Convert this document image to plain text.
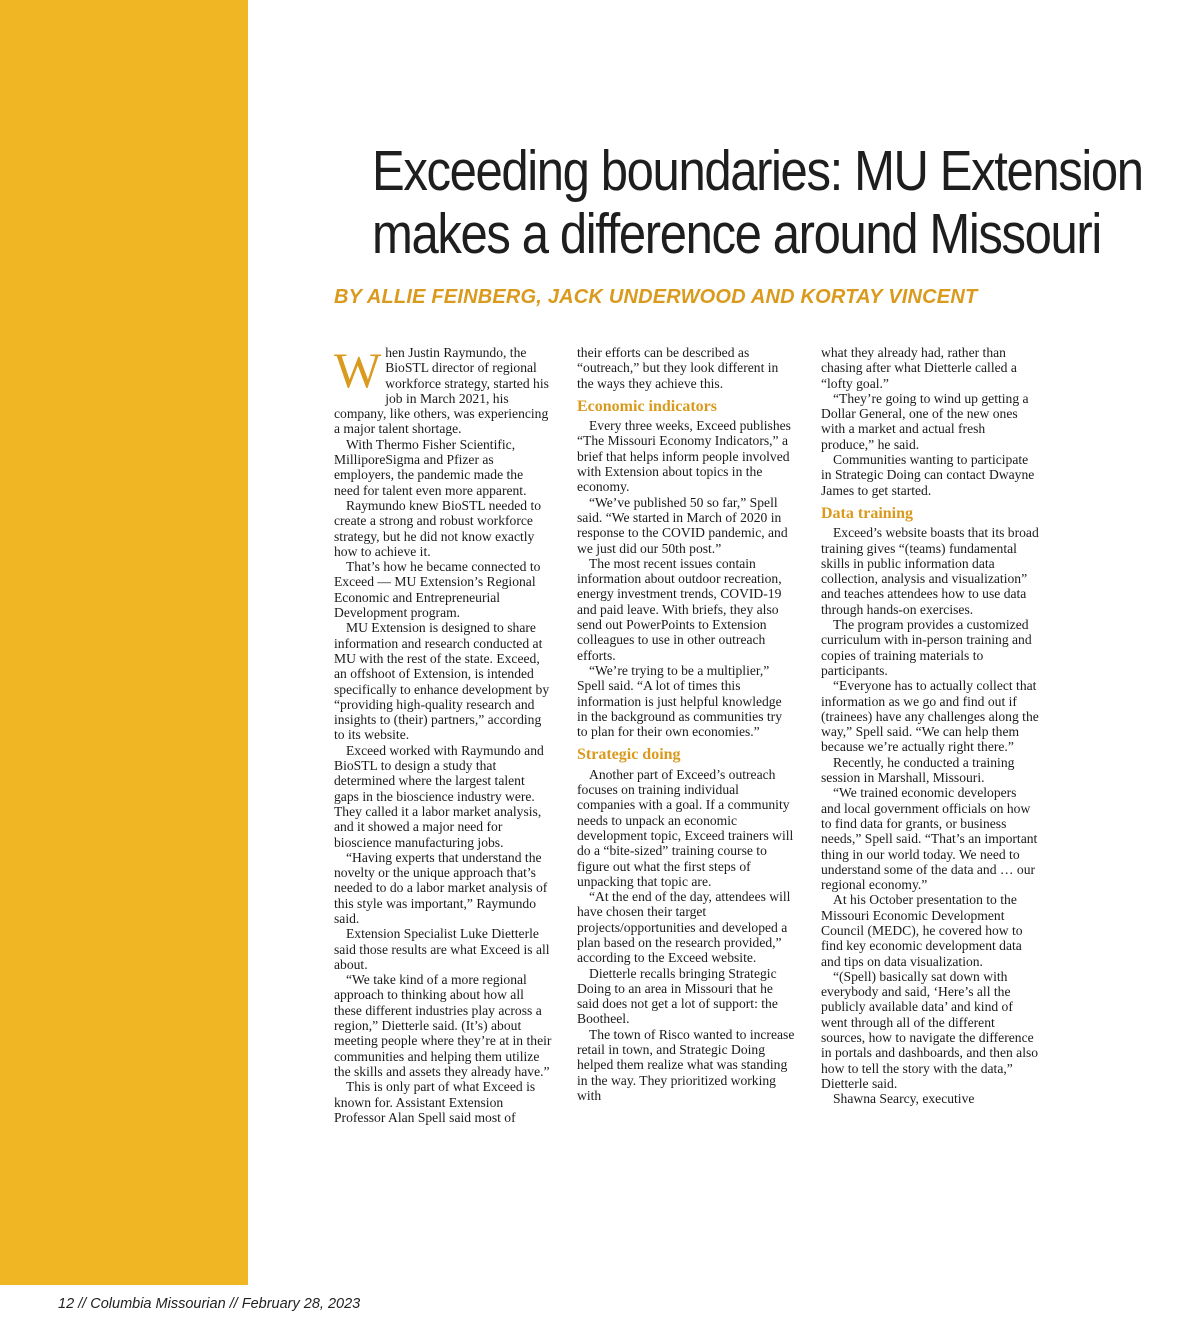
Exceeding boundaries: MU Extension
makes a difference around Missouri

BY ALLIE FEINBERG, JACK UNDERWOOD AND KORTAY VINCENT

When Justin Raymundo, the BioSTL director of regional workforce strategy, started his job in March 2021, his company, like others, was experiencing a major talent shortage.

With Thermo Fisher Scientific, MilliporeSigma and Pfizer as employers, the pandemic made the need for talent even more apparent.

Raymundo knew BioSTL needed to create a strong and robust workforce strategy, but he did not know exactly how to achieve it.

That’s how he became connected to Exceed — MU Extension’s Regional Economic and Entrepreneurial Development program.

MU Extension is designed to share information and research conducted at MU with the rest of the state. Exceed, an offshoot of Extension, is intended specifically to enhance development by “providing high-quality research and insights to (their) partners,” according to its website.

Exceed worked with Raymundo and BioSTL to design a study that determined where the largest talent gaps in the bioscience industry were. They called it a labor market analysis, and it showed a major need for bioscience manufacturing jobs.

“Having experts that understand the novelty or the unique approach that’s needed to do a labor market analysis of this style was important,” Raymundo said.

Extension Specialist Luke Dietterle said those results are what Exceed is all about.

“We take kind of a more regional approach to thinking about how all these different industries play across a region,” Dietterle said. (It’s) about meeting people where they’re at in their communities and helping them utilize the skills and assets they already have.”

This is only part of what Exceed is known for. Assistant Extension Professor Alan Spell said most of

their efforts can be described as “outreach,” but they look different in the ways they achieve this.

Economic indicators

Every three weeks, Exceed publishes “The Missouri Economy Indicators,” a brief that helps inform people involved with Extension about topics in the economy.

“We’ve published 50 so far,” Spell said. “We started in March of 2020 in response to the COVID pandemic, and we just did our 50th post.”

The most recent issues contain information about outdoor recreation, energy investment trends, COVID-19 and paid leave. With briefs, they also send out PowerPoints to Extension colleagues to use in other outreach efforts.

“We’re trying to be a multiplier,” Spell said. “A lot of times this information is just helpful knowledge in the background as communities try to plan for their own economies.”

Strategic doing

Another part of Exceed’s outreach focuses on training individual companies with a goal. If a community needs to unpack an economic development topic, Exceed trainers will do a “bite-sized” training course to figure out what the first steps of unpacking that topic are.

“At the end of the day, attendees will have chosen their target projects/opportunities and developed a plan based on the research provided,” according to the Exceed website.

Dietterle recalls bringing Strategic Doing to an area in Missouri that he said does not get a lot of support: the Bootheel.

The town of Risco wanted to increase retail in town, and Strategic Doing helped them realize what was standing in the way. They prioritized working with

what they already had, rather than chasing after what Dietterle called a “lofty goal.”

“They’re going to wind up getting a Dollar General, one of the new ones with a market and actual fresh produce,” he said.

Communities wanting to participate in Strategic Doing can contact Dwayne James to get started.

Data training

Exceed’s website boasts that its broad training gives “(teams) fundamental skills in public information data collection, analysis and visualization” and teaches attendees how to use data through hands-on exercises.

The program provides a customized curriculum with in-person training and copies of training materials to participants.

“Everyone has to actually collect that information as we go and find out if (trainees) have any challenges along the way,” Spell said. “We can help them because we’re actually right there.”

Recently, he conducted a training session in Marshall, Missouri.

“We trained economic developers and local government officials on how to find data for grants, or business needs,” Spell said. “That’s an important thing in our world today. We need to understand some of the data and … our regional economy.”

At his October presentation to the Missouri Economic Development Council (MEDC), he covered how to find key economic development data and tips on data visualization.

“(Spell) basically sat down with everybody and said, ‘Here’s all the publicly available data’ and kind of went through all of the different sources, how to navigate the difference in portals and dashboards, and then also how to tell the story with the data,” Dietterle said.

Shawna Searcy, executive

12 // Columbia Missourian // February 28, 2023
